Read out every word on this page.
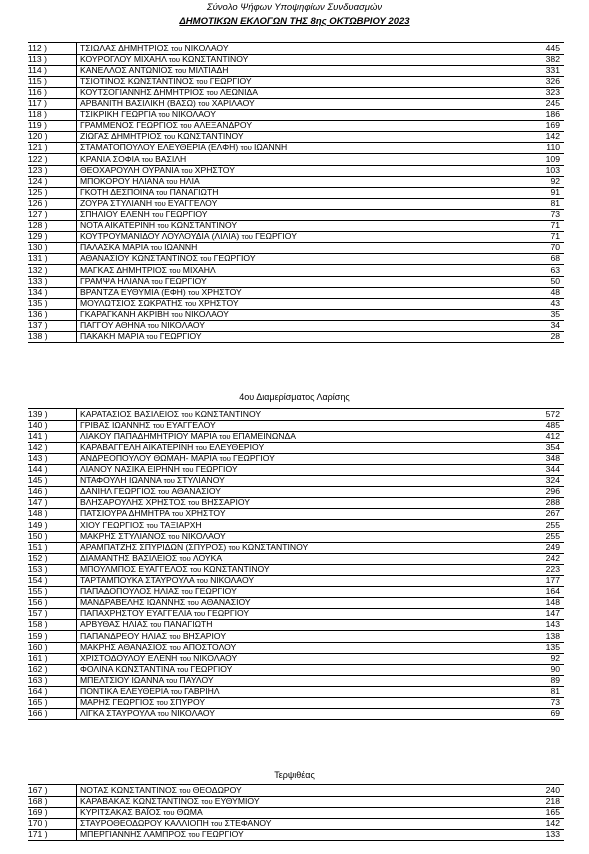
Σύνολο Ψήφων Υποψηφίων Συνδυασμών
ΔΗΜΟΤΙΚΩΝ ΕΚΛΟΓΩΝ ΤΗΣ 8ης ΟΚΤΩΒΡΙΟΥ 2023
112 )	ΤΣΙΩΛΑΣ ΔΗΜΗΤΡΙΟΣ του ΝΙΚΟΛΑΟΥ	445
113 )	ΚΟΥΡΟΓΛΟΥ ΜΙΧΑΗΛ του ΚΩΝΣΤΑΝΤΙΝΟΥ	382
114 )	ΚΑΝΕΛΛΟΣ ΑΝΤΩΝΙΟΣ του ΜΙΛΤΙΑΔΗ	331
115 )	ΤΣΙΟΤΙΝΟΣ ΚΩΝΣΤΑΝΤΙΝΟΣ του ΓΕΩΡΓΙΟΥ	326
116 )	ΚΟΥΤΣΟΓΙΑΝΝΗΣ ΔΗΜΗΤΡΙΟΣ του ΛΕΩΝΙΔΑ	323
117 )	ΑΡΒΑΝΙΤΗ ΒΑΣΙΛΙΚΗ (ΒΑΣΩ) του ΧΑΡΙΛΑΟΥ	245
118 )	ΤΣΙΚΡΙΚΗ ΓΕΩΡΓΙΑ του ΝΙΚΟΛΑΟΥ	186
119 )	ΓΡΑΜΜΕΝΟΣ ΓΕΩΡΓΙΟΣ του ΑΛΕΞΑΝΔΡΟΥ	169
120 )	ΖΙΩΓΑΣ ΔΗΜΗΤΡΙΟΣ του ΚΩΝΣΤΑΝΤΙΝΟΥ	142
121 )	ΣΤΑΜΑΤΟΠΟΥΛΟΥ ΕΛΕΥΘΕΡΙΑ (ΕΛΦΗ) του ΙΩΑΝΝΗ	110
122 )	ΚΡΑΝΙΑ ΣΟΦΙΑ του ΒΑΣΙΛΗ	109
123 )	ΘΕΟΧΑΡΟΥΛΗ ΟΥΡΑΝΙΑ του ΧΡΗΣΤΟΥ	103
124 )	ΜΠΟΚΟΡΟΥ ΗΛΙΑΝΑ του ΗΛΙΑ	92
125 )	ΓΚΟΤΗ ΔΕΣΠΟΙΝΑ του ΠΑΝΑΓΙΩΤΗ	91
126 )	ΖΟΥΡΑ ΣΤΥΛΙΑΝΗ του ΕΥΑΓΓΕΛΟΥ	81
127 )	ΣΠΗΛΙΟΥ ΕΛΕΝΗ του ΓΕΩΡΓΙΟΥ	73
128 )	ΝΟΤΑ ΑΙΚΑΤΕΡΙΝΗ του ΚΩΝΣΤΑΝΤΙΝΟΥ	71
129 )	ΚΟΥΤΡΟΥΜΑΝΙΔΟΥ ΛΟΥΛΟΥΔΙΑ (ΛΙΛΙΑ) του ΓΕΩΡΓΙΟΥ	71
130 )	ΠΑΛΑΣΚΑ ΜΑΡΙΑ του ΙΩΑΝΝΗ	70
131 )	ΑΘΑΝΑΣΙΟΥ ΚΩΝΣΤΑΝΤΙΝΟΣ του ΓΕΩΡΓΙΟΥ	68
132 )	ΜΑΓΚΑΣ ΔΗΜΗΤΡΙΟΣ του ΜΙΧΑΗΛ	63
133 )	ΓΡΑΜΨΑ ΗΛΙΑΝΑ του ΓΕΩΡΓΙΟΥ	50
134 )	ΒΡΑΝΤΖΑ ΕΥΘΥΜΙΑ (ΕΦΗ) του ΧΡΗΣΤΟΥ	48
135 )	ΜΟΥΛΩΤΣΙΟΣ ΣΩΚΡΑΤΗΣ του ΧΡΗΣΤΟΥ	43
136 )	ΓΚΑΡΑΓΚΑΝΗ ΑΚΡΙΒΗ του ΝΙΚΟΛΑΟΥ	35
137 )	ΠΑΓΓΟΥ ΑΘΗΝΑ του ΝΙΚΟΛΑΟΥ	34
138 )	ΠΑΚΑΚΗ ΜΑΡΙΑ του ΓΕΩΡΓΙΟΥ	28
4ου Διαμερίσματος Λαρίσης
139 )	ΚΑΡΑΤΑΣΙΟΣ ΒΑΣΙΛΕΙΟΣ του ΚΩΝΣΤΑΝΤΙΝΟΥ	572
140 )	ΓΡΙΒΑΣ ΙΩΑΝΝΗΣ του ΕΥΑΓΓΕΛΟΥ	485
141 )	ΛΙΑΚΟΥ ΠΑΠΑΔΗΜΗΤΡΙΟΥ ΜΑΡΙΑ του ΕΠΑΜΕΙΝΩΝΔΑ	412
142 )	ΚΑΡΑΒΑΓΓΕΛΗ ΑΙΚΑΤΕΡΙΝΗ του ΕΛΕΥΘΕΡΙΟΥ	354
143 )	ΑΝΔΡΕΟΠΟΥΛΟΥ ΘΩΜΑΗ- ΜΑΡΙΑ του ΓΕΩΡΓΙΟΥ	348
144 )	ΛΙΑΝΟΥ ΝΑΣΙΚΑ ΕΙΡΗΝΗ του ΓΕΩΡΓΙΟΥ	344
145 )	ΝΤΑΦΟΥΛΗ ΙΩΑΝΝΑ του ΣΤΥΛΙΑΝΟΥ	324
146 )	ΔΑΝΙΗΛ ΓΕΩΡΓΙΟΣ του ΑΘΑΝΑΣΙΟΥ	296
147 )	ΒΛΗΣΑΡΟΥΛΗΣ ΧΡΗΣΤΟΣ του ΒΗΣΣΑΡΙΟΥ	288
148 )	ΠΑΤΣΙΟΥΡΑ ΔΗΜΗΤΡΑ του ΧΡΗΣΤΟΥ	267
149 )	ΧΙΟΥ ΓΕΩΡΓΙΟΣ του ΤΑΞΙΑΡΧΗ	255
150 )	ΜΑΚΡΗΣ ΣΤΥΛΙΑΝΟΣ του ΝΙΚΟΛΑΟΥ	255
151 )	ΑΡΑΜΠΑΤΖΗΣ ΣΠΥΡΙΔΩΝ (ΣΠΥΡΟΣ) του ΚΩΝΣΤΑΝΤΙΝΟΥ	249
152 )	ΔΙΑΜΑΝΤΗΣ ΒΑΣΙΛΕΙΟΣ του ΛΟΥΚΑ	242
153 )	ΜΠΟΥΛΜΠΟΣ ΕΥΑΓΓΕΛΟΣ του ΚΩΝΣΤΑΝΤΙΝΟΥ	223
154 )	ΤΑΡΤΑΜΠΟΥΚΑ ΣΤΑΥΡΟΥΛΑ του ΝΙΚΟΛΑΟΥ	177
155 )	ΠΑΠΑΔΟΠΟΥΛΟΣ ΗΛΙΑΣ του ΓΕΩΡΓΙΟΥ	164
156 )	ΜΑΝΔΡΑΒΕΛΗΣ ΙΩΑΝΝΗΣ του ΑΘΑΝΑΣΙΟΥ	148
157 )	ΠΑΠΑΧΡΗΣΤΟΥ ΕΥΑΓΓΕΛΙΑ του ΓΕΩΡΓΙΟΥ	147
158 )	ΑΡΒΥΘΑΣ ΗΛΙΑΣ του ΠΑΝΑΓΙΩΤΗ	143
159 )	ΠΑΠΑΝΔΡΕΟΥ ΗΛΙΑΣ του ΒΗΣΑΡΙΟΥ	138
160 )	ΜΑΚΡΗΣ ΑΘΑΝΑΣΙΟΣ του ΑΠΟΣΤΟΛΟΥ	135
161 )	ΧΡΙΣΤΟΔΟΥΛΟΥ ΕΛΕΝΗ του ΝΙΚΟΛΑΟΥ	92
162 )	ΦΟΛΙΝΑ ΚΩΝΣΤΑΝΤΙΝΑ του ΓΕΩΡΓΙΟΥ	90
163 )	ΜΠΕΛΤΣΙΟΥ ΙΩΑΝΝΑ του ΠΑΥΛΟΥ	89
164 )	ΠΟΝΤΙΚΑ ΕΛΕΥΘΕΡΙΑ του ΓΑΒΡΙΗΛ	81
165 )	ΜΑΡΗΣ ΓΕΩΡΓΙΟΣ του ΣΠΥΡΟΥ	73
166 )	ΛΙΓΚΑ ΣΤΑΥΡΟΥΛΑ του ΝΙΚΟΛΑΟΥ	69
Τερψιθέας
167 )	ΝΟΤΑΣ ΚΩΝΣΤΑΝΤΙΝΟΣ του ΘΕΟΔΩΡΟΥ	240
168 )	ΚΑΡΑΒΑΚΑΣ ΚΩΝΣΤΑΝΤΙΝΟΣ του ΕΥΘΥΜΙΟΥ	218
169 )	ΚΥΡΙΤΣΑΚΑΣ ΒΑΪΟΣ του ΘΩΜΑ	165
170 )	ΣΤΑΥΡΟΘΕΟΔΩΡΟΥ ΚΑΛΛΙΟΠΗ του ΣΤΕΦΑΝΟΥ	142
171 )	ΜΠΕΡΓΙΑΝΝΗΣ ΛΑΜΠΡΟΣ του ΓΕΩΡΓΙΟΥ	133
